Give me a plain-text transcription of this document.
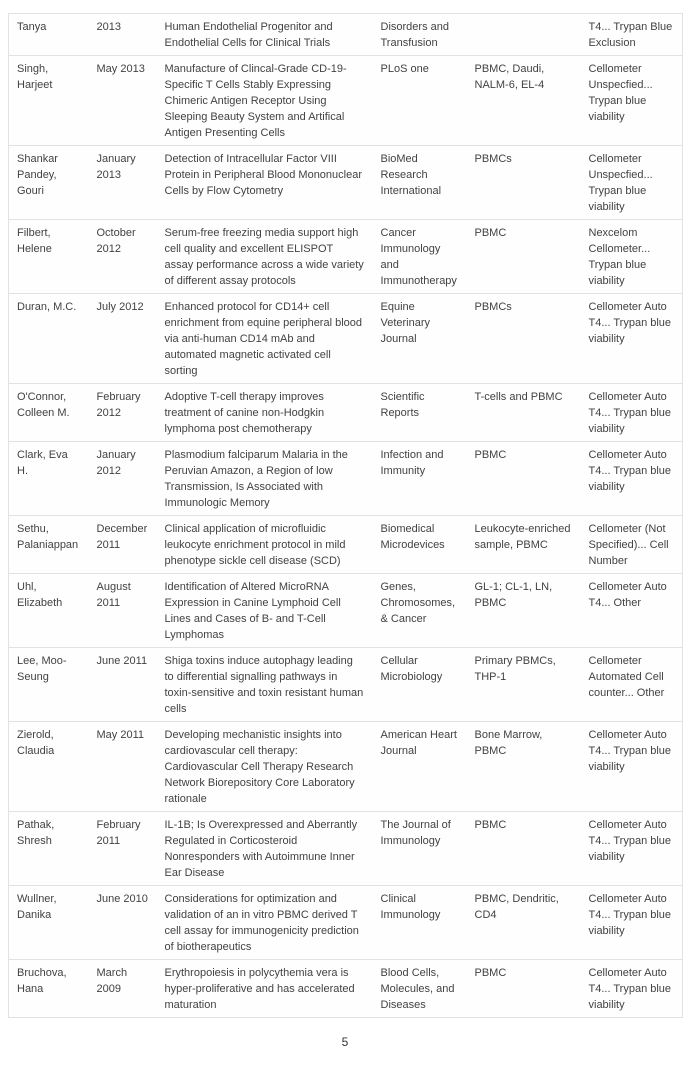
Tanya	2013	Human Endothelial Progenitor and Endothelial Cells for Clinical Trials	Disorders and Transfusion		T4... Trypan Blue Exclusion
Singh, Harjeet	May 2013	Manufacture of Clincal-Grade CD-19-Specific T Cells Stably Expressing Chimeric Antigen Receptor Using Sleeping Beauty System and Artifical Antigen Presenting Cells	PLoS one	PBMC, Daudi, NALM-6, EL-4	Cellometer Unspecfied... Trypan blue viability
Shankar Pandey, Gouri	January 2013	Detection of Intracellular Factor VIII Protein in Peripheral Blood Mononuclear Cells by Flow Cytometry	BioMed Research International	PBMCs	Cellometer Unspecfied... Trypan blue viability
Filbert, Helene	October 2012	Serum-free freezing media support high cell quality and excellent ELISPOT assay performance across a wide variety of different assay protocols	Cancer Immunology and Immunotherapy	PBMC	Nexcelom Cellometer... Trypan blue viability
Duran, M.C.	July 2012	Enhanced protocol for CD14+ cell enrichment from equine peripheral blood via anti-human CD14 mAb and automated magnetic activated cell sorting	Equine Veterinary Journal	PBMCs	Cellometer Auto T4... Trypan blue viability
O'Connor, Colleen M.	February 2012	Adoptive T-cell therapy improves treatment of canine non-Hodgkin lymphoma post chemotherapy	Scientific Reports	T-cells and PBMC	Cellometer Auto T4... Trypan blue viability
Clark, Eva H.	January 2012	Plasmodium falciparum Malaria in the Peruvian Amazon, a Region of low Transmission, Is Associated with Immunologic Memory	Infection and Immunity	PBMC	Cellometer Auto T4... Trypan blue viability
Sethu, Palaniappan	December 2011	Clinical application of microfluidic leukocyte enrichment protocol in mild phenotype sickle cell disease (SCD)	Biomedical Microdevices	Leukocyte-enriched sample, PBMC	Cellometer (Not Specified)... Cell Number
Uhl, Elizabeth	August 2011	Identification of Altered MicroRNA Expression in Canine Lymphoid Cell Lines and Cases of B- and T-Cell Lymphomas	Genes, Chromosomes, & Cancer	GL-1; CL-1, LN, PBMC	Cellometer Auto T4... Other
Lee, Moo-Seung	June 2011	Shiga toxins induce autophagy leading to differential signalling pathways in toxin-sensitive and toxin resistant human cells	Cellular Microbiology	Primary PBMCs, THP-1	Cellometer Automated Cell counter... Other
Zierold, Claudia	May 2011	Developing mechanistic insights into cardiovascular cell therapy: Cardiovascular Cell Therapy Research Network Biorepository Core Laboratory rationale	American Heart Journal	Bone Marrow, PBMC	Cellometer Auto T4... Trypan blue viability
Pathak, Shresh	February 2011	IL-1B; Is Overexpressed and Aberrantly Regulated in Corticosteroid Nonresponders with Autoimmune Inner Ear Disease	The Journal of Immunology	PBMC	Cellometer Auto T4... Trypan blue viability
Wullner, Danika	June 2010	Considerations for optimization and validation of an in vitro PBMC derived T cell assay for immunogenicity prediction of biotherapeutics	Clinical Immunology	PBMC, Dendritic, CD4	Cellometer Auto T4... Trypan blue viability
Bruchova, Hana	March 2009	Erythropoiesis in polycythemia vera is hyper-proliferative and has accelerated maturation	Blood Cells, Molecules, and Diseases	PBMC	Cellometer Auto T4... Trypan blue viability
5
